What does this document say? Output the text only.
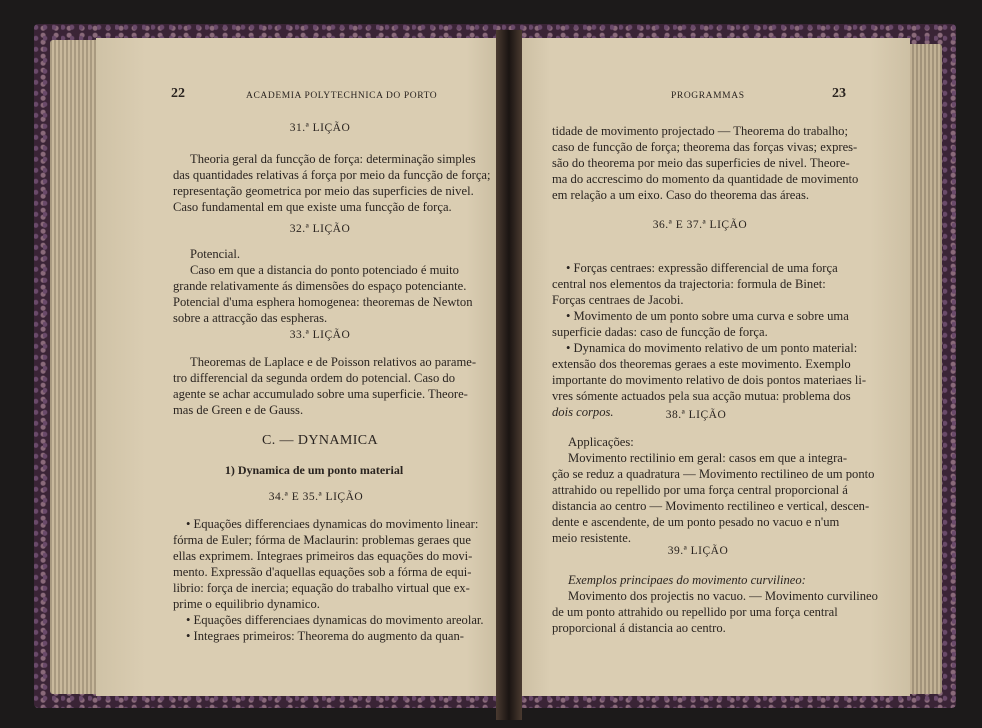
22	ACADEMIA POLYTECHNICA DO PORTO
31.ª LIÇÃO
Theoria geral da funcção de força: determinação simples
das quantidades relativas á força por meio da funcção de força;
representação geometrica por meio das superficies de nivel.
Caso fundamental em que existe uma funcção de força.
32.ª LIÇÃO
Potencial.
Caso em que a distancia do ponto potenciado é muito
grande relativamente ás dimensões do espaço potenciante.
Potencial d'uma esphera homogenea: theoremas de Newton
sobre a attracção das espheras.
33.ª LIÇÃO
Theoremas de Laplace e de Poisson relativos ao parame-
tro differencial da segunda ordem do potencial. Caso do
agente se achar accumulado sobre uma superficie. Theore-
mas de Green e de Gauss.
C. — DYNAMICA
1) Dynamica de um ponto material
34.ª E 35.ª LIÇÃO
• Equações differenciaes dynamicas do movimento linear:
fórma de Euler; fórma de Maclaurin: problemas geraes que
ellas exprimem. Integraes primeiros das equações do movi-
mento. Expressão d'aquellas equações sob a fórma de equi-
librio: força de inercia; equação do trabalho virtual que ex-
prime o equilibrio dynamico.
• Equações differenciaes dynamicas do movimento areolar.
• Integraes primeiros: Theorema do augmento da quan-
PROGRAMMAS	23
tidade de movimento projectado — Theorema do trabalho;
caso de funcção de força; theorema das forças vivas; expres-
são do theorema por meio das superficies de nivel. Theore-
ma do accrescimo do momento da quantidade de movimento
em relação a um eixo. Caso do theorema das áreas.
36.ª E 37.ª LIÇÃO
• Forças centraes: expressão differencial de uma força
central nos elementos da trajectoria: formula de Binet:
Forças centraes de Jacobi.
• Movimento de um ponto sobre uma curva e sobre uma
superficie dadas: caso de funcção de força.
• Dynamica do movimento relativo de um ponto material:
extensão dos theoremas geraes a este movimento. Exemplo
importante do movimento relativo de dois pontos materiaes li-
vres sómente actuados pela sua acção mutua: problema dos
dois corpos.	38.ª LIÇÃO
Applicações:
Movimento rectilinio em geral: casos em que a integra-
ção se reduz a quadratura — Movimento rectilineo de um ponto
attrahido ou repellido por uma força central proporcional á
distancia ao centro — Movimento rectilineo e vertical, descen-
dente e ascendente, de um ponto pesado no vacuo e n'um
meio resistente.
39.ª LIÇÃO
Exemplos principaes do movimento curvilineo:
Movimento dos projectis no vacuo. — Movimento curvilineo
de um ponto attrahido ou repellido por uma força central
proporcional á distancia ao centro.
